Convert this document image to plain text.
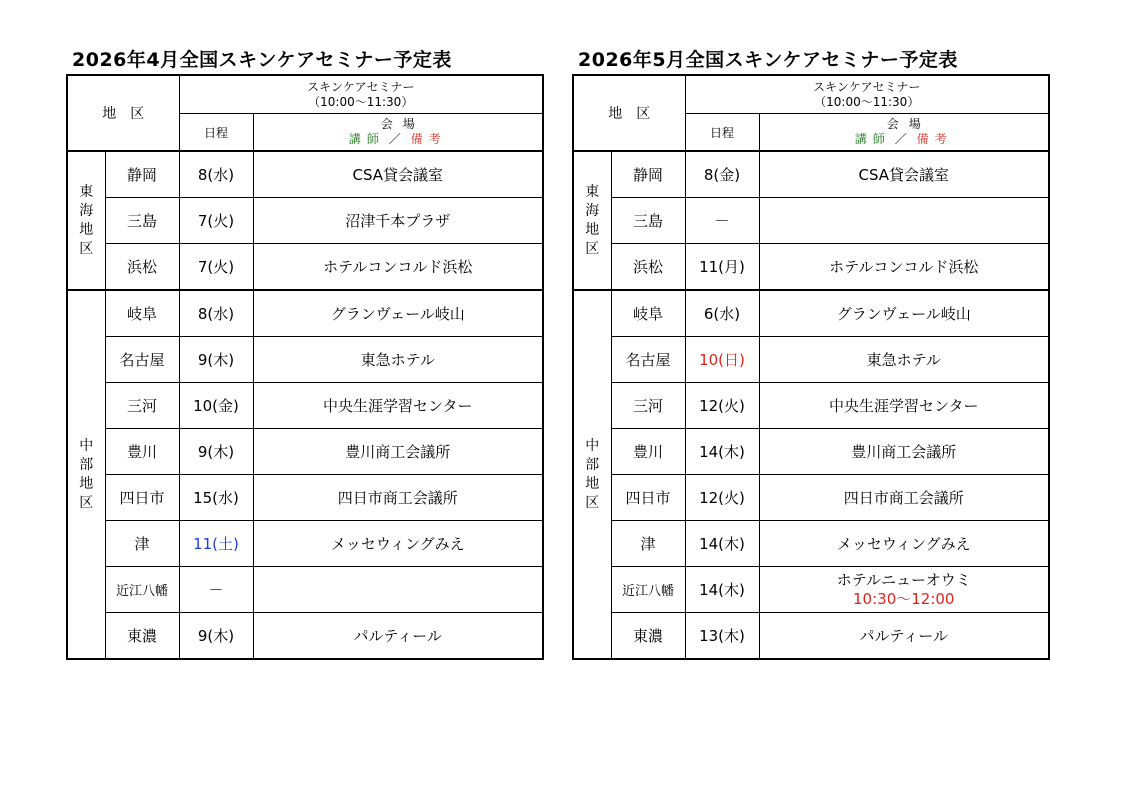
2026年4月全国スキンケアセミナー予定表
地区		スキンケアセミナー
（10:00～11:30）	

		日程	会場
講師 ／ 備考

東
海
地
区	静岡	8(水)	CSA貸会議室
	三島	7(火)	沼津千本プラザ
	浜松	7(火)	ホテルコンコルド浜松

中
部
地
区	岐阜	8(水)	グランヴェール岐山
	名古屋	9(木)	東急ホテル
	三河	10(金)	中央生涯学習センター
	豊川	9(木)	豊川商工会議所
	四日市	15(水)	四日市商工会議所
	津	11(土)	メッセウィングみえ
	近江八幡	－	
	東濃	9(木)	パルティール
2026年5月全国スキンケアセミナー予定表
地区		スキンケアセミナー
（10:00～11:30）	

		日程	会場
講師 ／ 備考

東
海
地
区	静岡	8(金)	CSA貸会議室
	三島	－	
	浜松	11(月)	ホテルコンコルド浜松

中
部
地
区	岐阜	6(水)	グランヴェール岐山
	名古屋	10(日)	東急ホテル
	三河	12(火)	中央生涯学習センター
	豊川	14(木)	豊川商工会議所
	四日市	12(火)	四日市商工会議所
	津	14(木)	メッセウィングみえ
	近江八幡	14(木)	ホテルニューオウミ
10:30～12:00

	東濃	13(木)	パルティール
